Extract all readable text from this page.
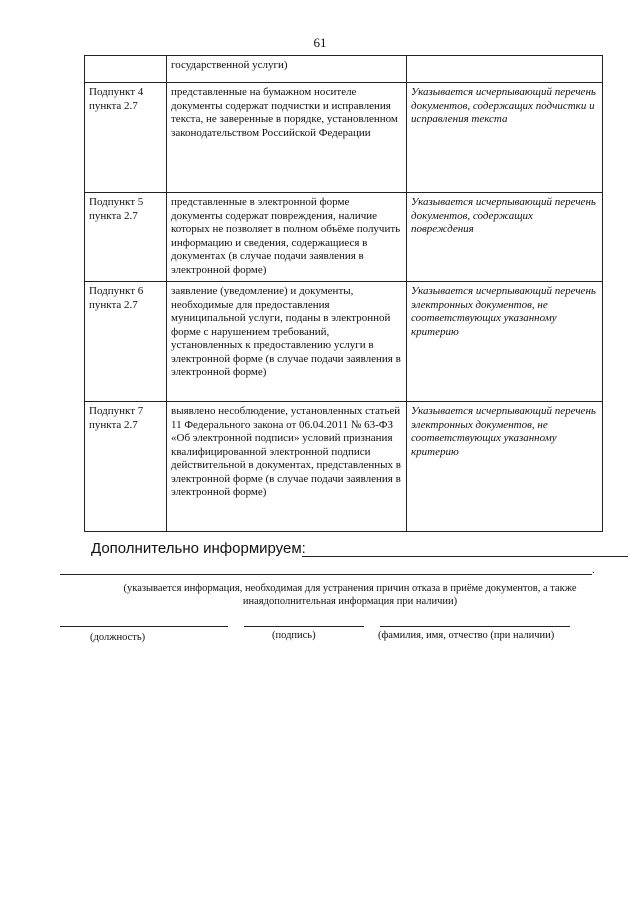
61
	государственной услуги)	
Подпункт 4 пункта 2.7	представленные на бумажном носителе документы содержат подчистки и исправления текста, не заверенные в порядке, установленном законодательством Российской Федерации	Указывается исчерпывающий перечень документов, содержащих подчистки и исправления текста
Подпункт 5 пункта 2.7	представленные в электронной форме документы содержат повреждения, наличие которых не позволяет в полном объёме получить информацию и сведения, содержащиеся в документах (в случае подачи заявления в электронной форме)	Указывается исчерпывающий перечень документов, содержащих повреждения
Подпункт 6 пункта 2.7	заявление (уведомление) и документы, необходимые для предоставления муниципальной услуги, поданы в электронной форме с нарушением требований, установленных к предоставлению услуги в электронной форме (в случае подачи заявления в электронной форме)	Указывается исчерпывающий перечень электронных документов, не соответствующих указанному критерию
Подпункт 7 пункта 2.7	выявлено несоблюдение, установленных статьей 11 Федерального закона от 06.04.2011 № 63-ФЗ «Об электронной подписи» условий признания квалифицированной электронной подписи действительной в документах, представленных в электронной форме (в случае подачи заявления в электронной форме)	Указывается исчерпывающий перечень электронных документов, не соответствующих указанному критерию
Дополнительно информируем:
.
(указывается информация, необходимая для устранения причин отказа в приёме документов, а также
инаядополнительная информация при наличии)
(должность)	(подпись)	(фамилия, имя, отчество (при наличии)
